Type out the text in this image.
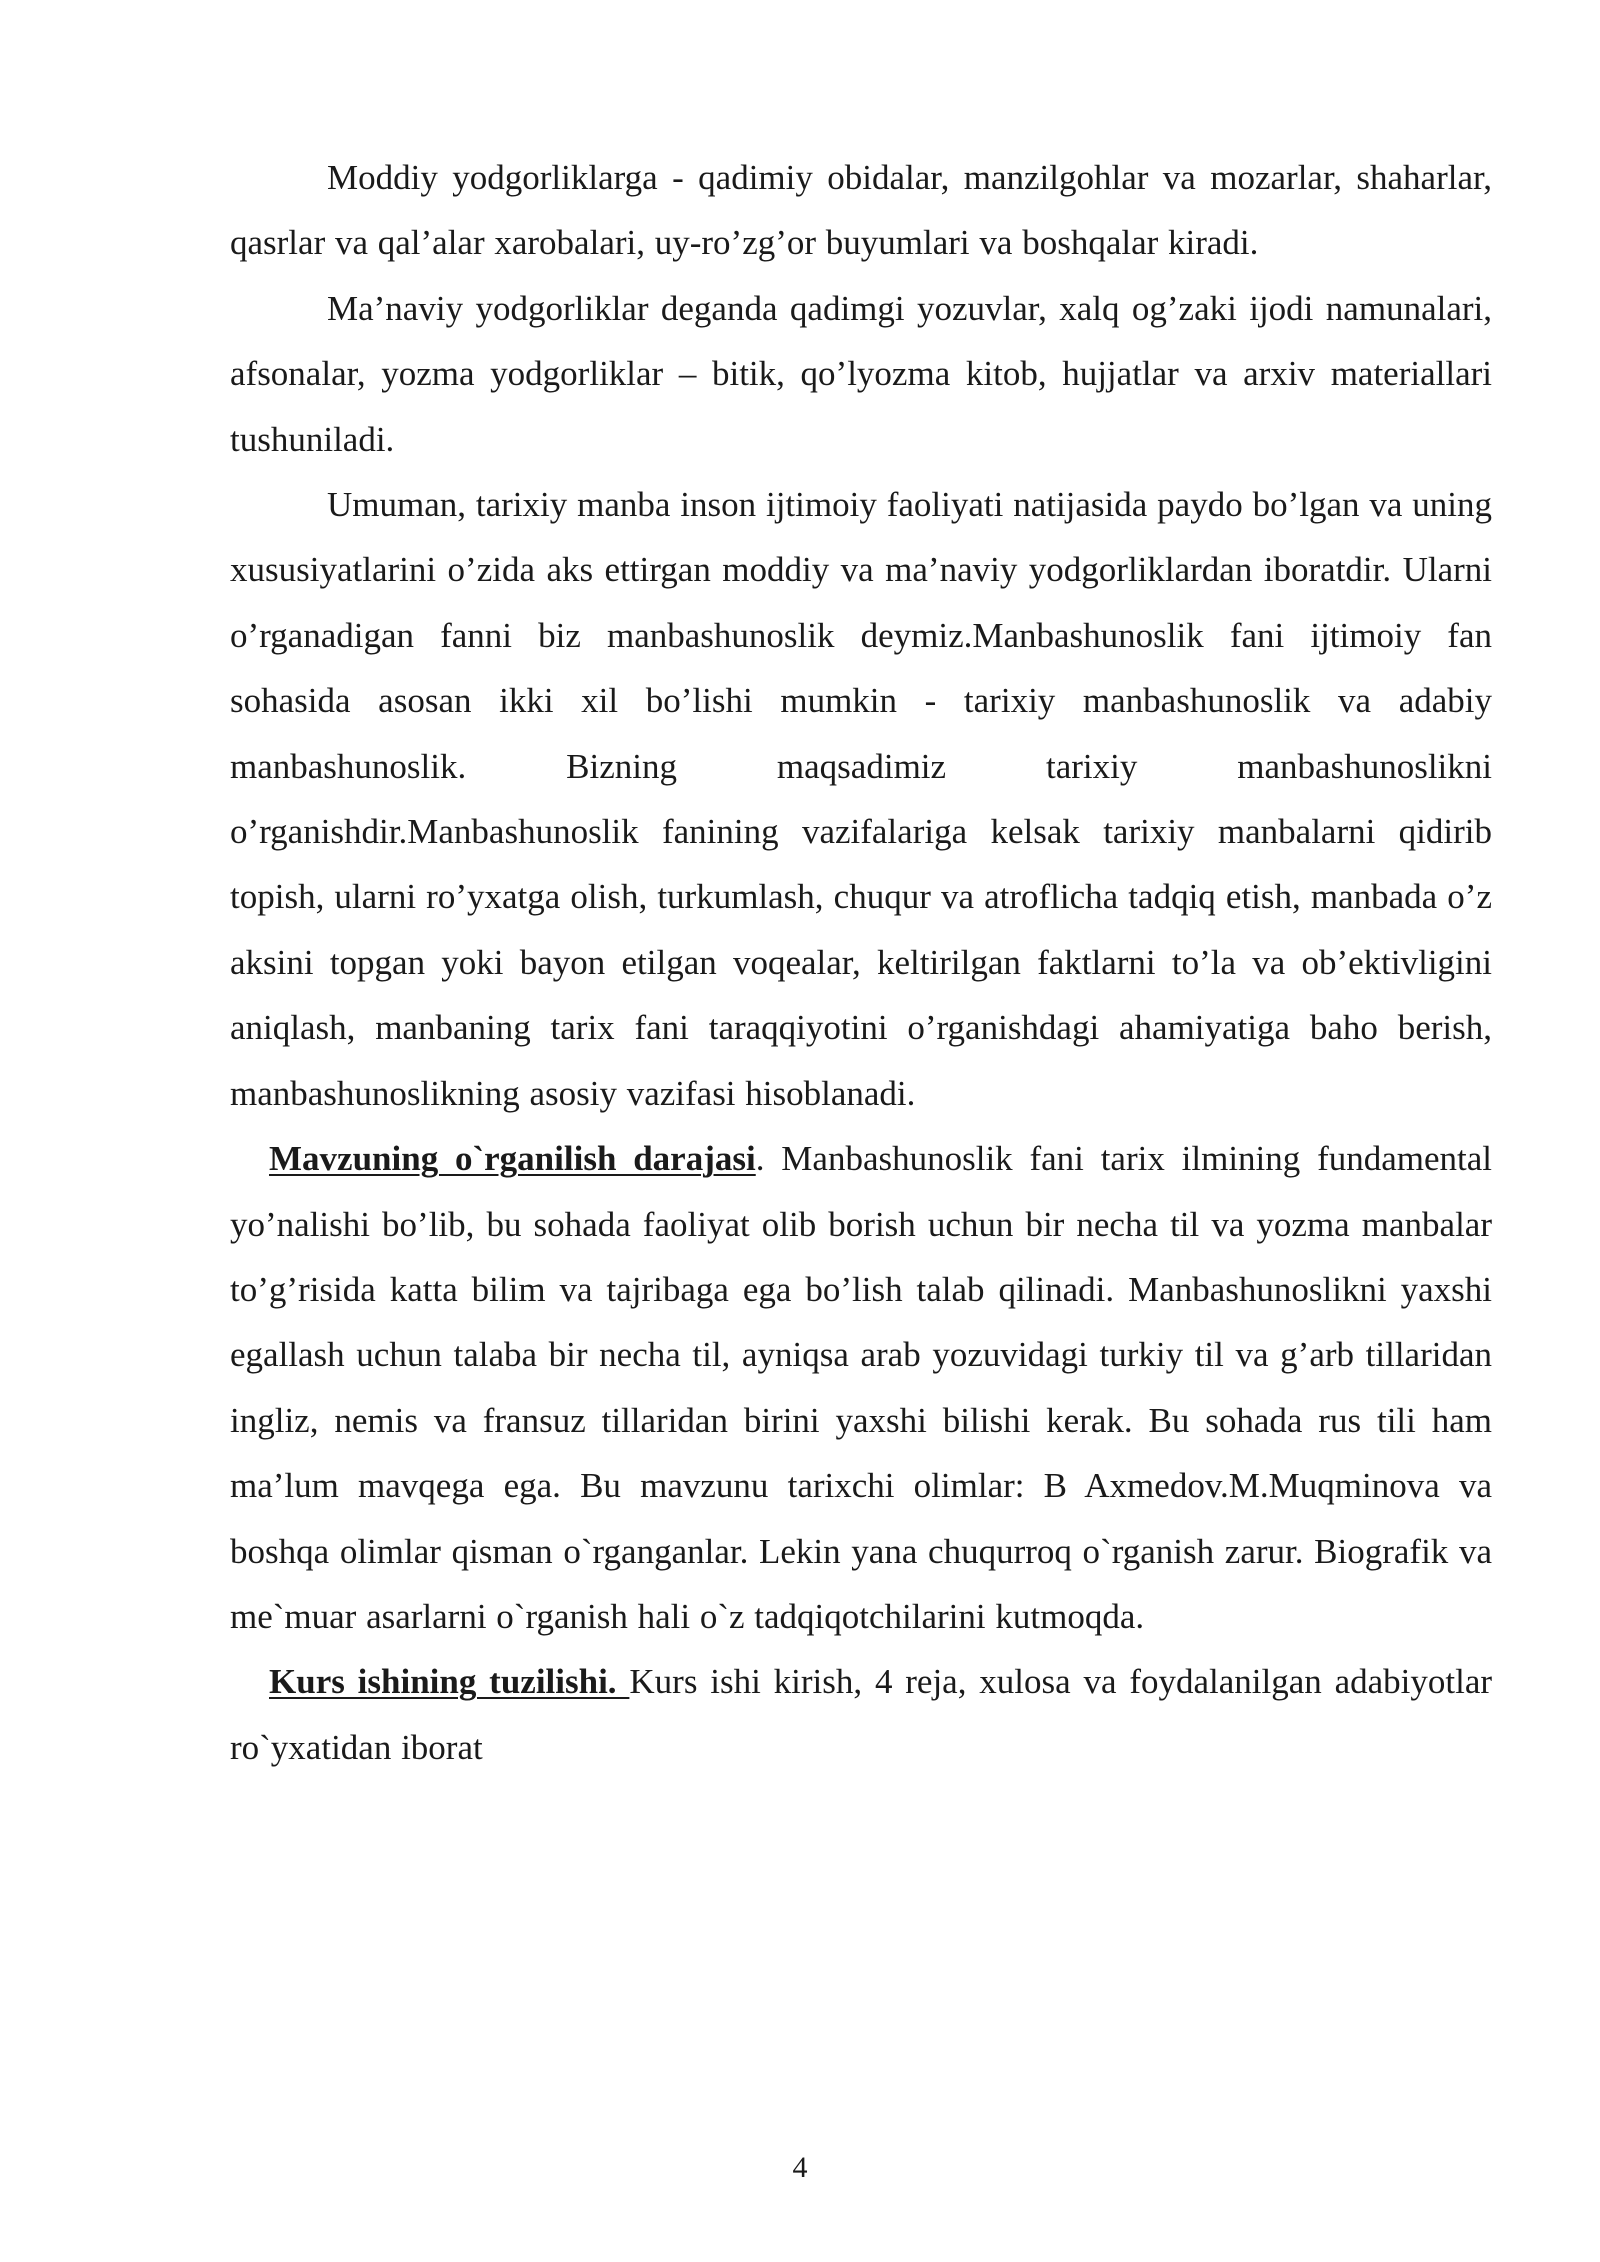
Moddiy yodgorliklarga - qadimiy obidalar, manzilgohlar va mozarlar, shaharlar, qasrlar va qal’alar xarobalari, uy-ro’zg’or buyumlari va boshqalar kiradi.

Ma’naviy yodgorliklar deganda qadimgi yozuvlar, xalq og’zaki ijodi namunalari, afsonalar, yozma yodgorliklar – bitik, qo’lyozma kitob, hujjatlar va arxiv materiallari tushuniladi.

Umuman, tarixiy manba inson ijtimoiy faoliyati natijasida paydo bo’lgan va uning xususiyatlarini o’zida aks ettirgan moddiy va ma’naviy yodgorliklardan iboratdir. Ularni o’rganadigan fanni biz manbashunoslik deymiz.Manbashunoslik fani ijtimoiy fan sohasida asosan ikki xil bo’lishi mumkin - tarixiy manbashunoslik va adabiy manbashunoslik. Bizning maqsadimiz tarixiy manbashunoslikni o’rganishdir.Manbashunoslik fanining vazifalariga kelsak tarixiy manbalarni qidirib topish, ularni ro’yxatga olish, turkumlash, chuqur va atroflicha tadqiq etish, manbada o’z aksini topgan yoki bayon etilgan voqealar, keltirilgan faktlarni to’la va ob’ektivligini aniqlash, manbaning tarix fani taraqqiyotini o’rganishdagi ahamiyatiga baho berish, manbashunoslikning asosiy vazifasi hisoblanadi.

Mavzuning o`rganilish darajasi. Manbashunoslik fani tarix ilmining fundamental yo’nalishi bo’lib, bu sohada faoliyat olib borish uchun bir necha til va yozma manbalar to’g’risida katta bilim va tajribaga ega bo’lish talab qilinadi. Manbashunoslikni yaxshi egallash uchun talaba bir necha til, ayniqsa arab yozuvidagi turkiy til va g’arb tillaridan ingliz, nemis va fransuz tillaridan birini yaxshi bilishi kerak. Bu sohada rus tili ham ma’lum mavqega ega. Bu mavzunu tarixchi olimlar: B Axmedov.M.Muqminova va boshqa olimlar qisman o`rganganlar. Lekin yana chuqurroq o`rganish zarur. Biografik va me`muar asarlarni o`rganish hali o`z tadqiqotchilarini kutmoqda.

Kurs ishining tuzilishi. Kurs ishi kirish, 4 reja, xulosa va foydalanilgan adabiyotlar ro`yxatidan iborat

4
